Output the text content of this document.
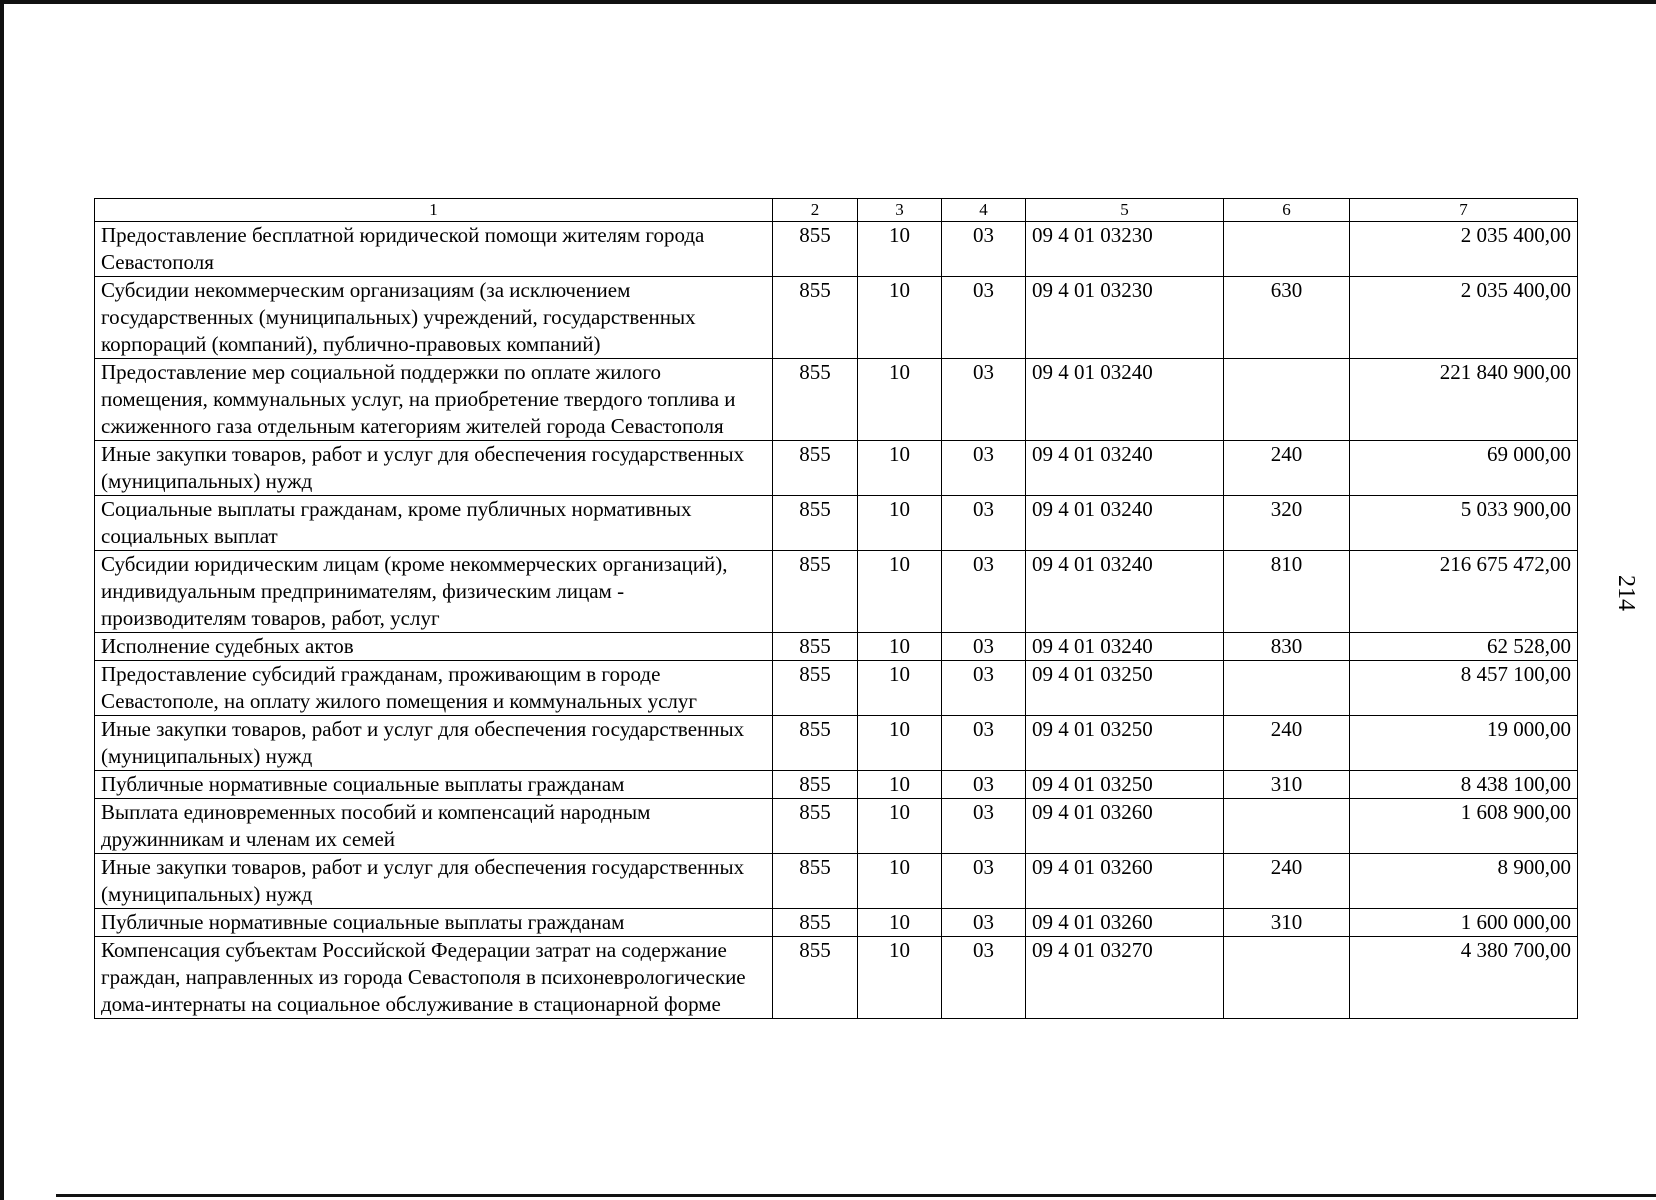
1	2	3	4	5	6	7
Предоставление бесплатной юридической помощи жителям города Севастополя	855	10	03	09 4 01 03230		2 035 400,00
Субсидии некоммерческим организациям (за исключением государственных (муниципальных) учреждений, государственных корпораций (компаний), публично-правовых компаний)	855	10	03	09 4 01 03230	630	2 035 400,00
Предоставление мер социальной поддержки по оплате жилого помещения, коммунальных услуг, на приобретение твердого топлива и сжиженного газа отдельным категориям жителей города Севастополя	855	10	03	09 4 01 03240		221 840 900,00
Иные закупки товаров, работ и услуг для обеспечения государственных (муниципальных) нужд	855	10	03	09 4 01 03240	240	69 000,00
Социальные выплаты гражданам, кроме публичных нормативных социальных выплат	855	10	03	09 4 01 03240	320	5 033 900,00
Субсидии юридическим лицам (кроме некоммерческих организаций), индивидуальным предпринимателям, физическим лицам - производителям товаров, работ, услуг	855	10	03	09 4 01 03240	810	216 675 472,00
Исполнение судебных актов	855	10	03	09 4 01 03240	830	62 528,00
Предоставление субсидий гражданам, проживающим в городе Севастополе, на оплату жилого помещения и коммунальных услуг	855	10	03	09 4 01 03250		8 457 100,00
Иные закупки товаров, работ и услуг для обеспечения государственных (муниципальных) нужд	855	10	03	09 4 01 03250	240	19 000,00
Публичные нормативные социальные выплаты гражданам	855	10	03	09 4 01 03250	310	8 438 100,00
Выплата единовременных пособий и компенсаций народным дружинникам и членам их семей	855	10	03	09 4 01 03260		1 608 900,00
Иные закупки товаров, работ и услуг для обеспечения государственных (муниципальных) нужд	855	10	03	09 4 01 03260	240	8 900,00
Публичные нормативные социальные выплаты гражданам	855	10	03	09 4 01 03260	310	1 600 000,00
Компенсация субъектам Российской Федерации затрат на содержание граждан, направленных из города Севастополя в психоневрологические дома-интернаты на социальное обслуживание в стационарной форме	855	10	03	09 4 01 03270		4 380 700,00
214
